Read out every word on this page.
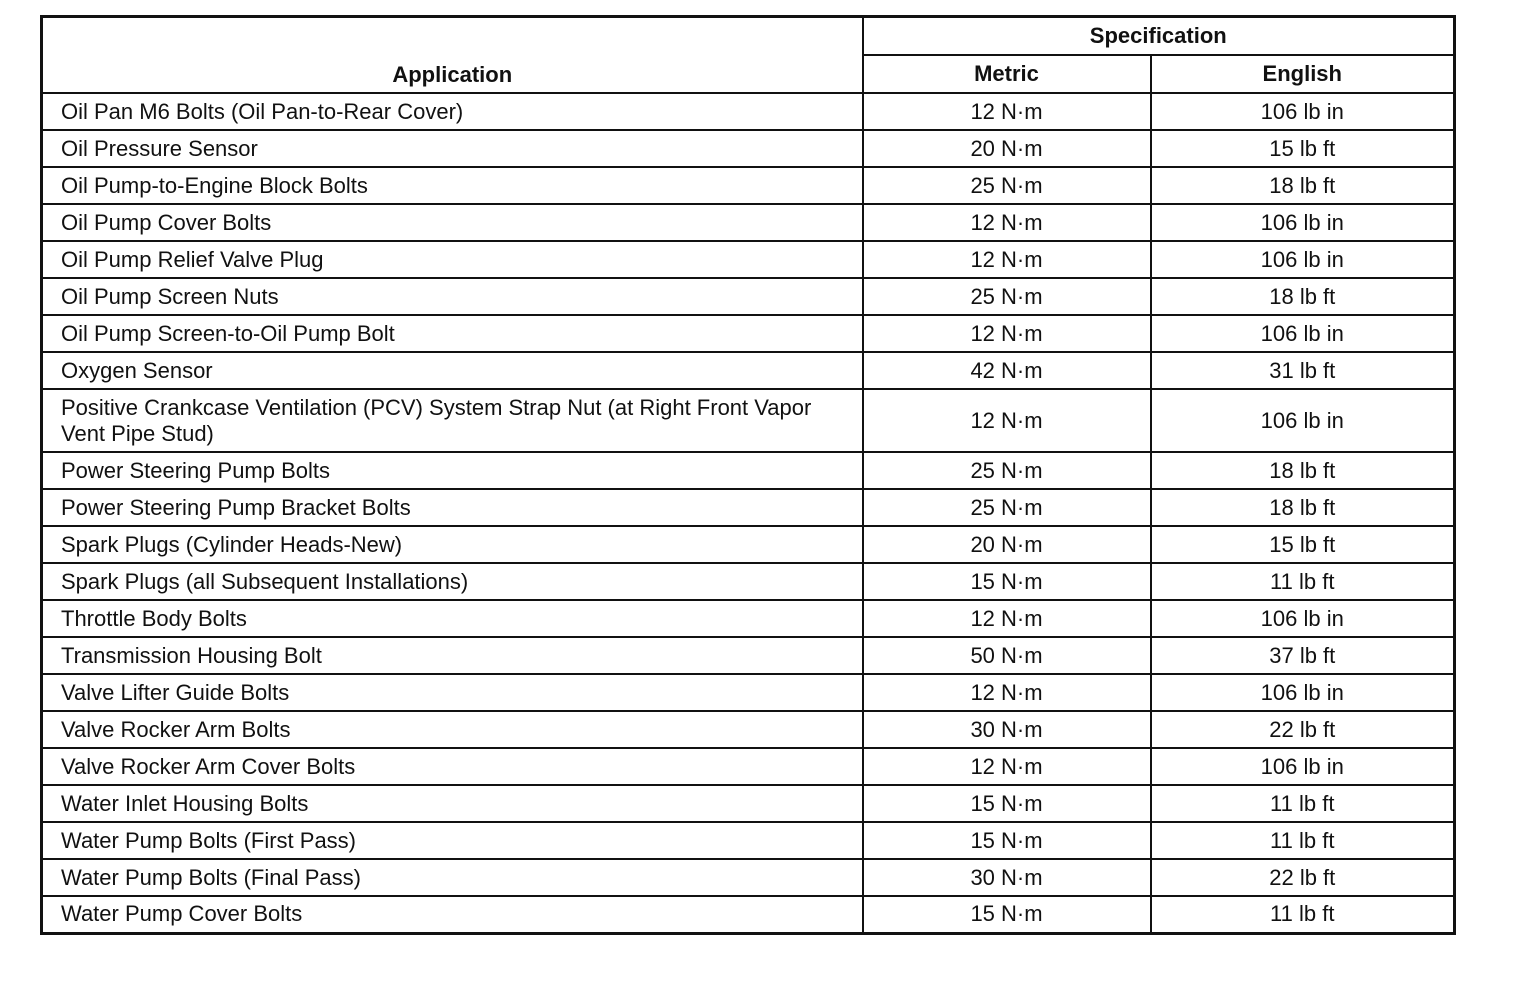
Application	Specification	
	Metric	English
Oil Pan M6 Bolts (Oil Pan-to-Rear Cover)	12 N·m	106 lb in
Oil Pressure Sensor	20 N·m	15 lb ft
Oil Pump-to-Engine Block Bolts	25 N·m	18 lb ft
Oil Pump Cover Bolts	12 N·m	106 lb in
Oil Pump Relief Valve Plug	12 N·m	106 lb in
Oil Pump Screen Nuts	25 N·m	18 lb ft
Oil Pump Screen-to-Oil Pump Bolt	12 N·m	106 lb in
Oxygen Sensor	42 N·m	31 lb ft
Positive Crankcase Ventilation (PCV) System Strap Nut (at Right Front Vapor Vent Pipe Stud)	12 N·m	106 lb in
Power Steering Pump Bolts	25 N·m	18 lb ft
Power Steering Pump Bracket Bolts	25 N·m	18 lb ft
Spark Plugs (Cylinder Heads-New)	20 N·m	15 lb ft
Spark Plugs (all Subsequent Installations)	15 N·m	11 lb ft
Throttle Body Bolts	12 N·m	106 lb in
Transmission Housing Bolt	50 N·m	37 lb ft
Valve Lifter Guide Bolts	12 N·m	106 lb in
Valve Rocker Arm Bolts	30 N·m	22 lb ft
Valve Rocker Arm Cover Bolts	12 N·m	106 lb in
Water Inlet Housing Bolts	15 N·m	11 lb ft
Water Pump Bolts (First Pass)	15 N·m	11 lb ft
Water Pump Bolts (Final Pass)	30 N·m	22 lb ft
Water Pump Cover Bolts	15 N·m	11 lb ft
